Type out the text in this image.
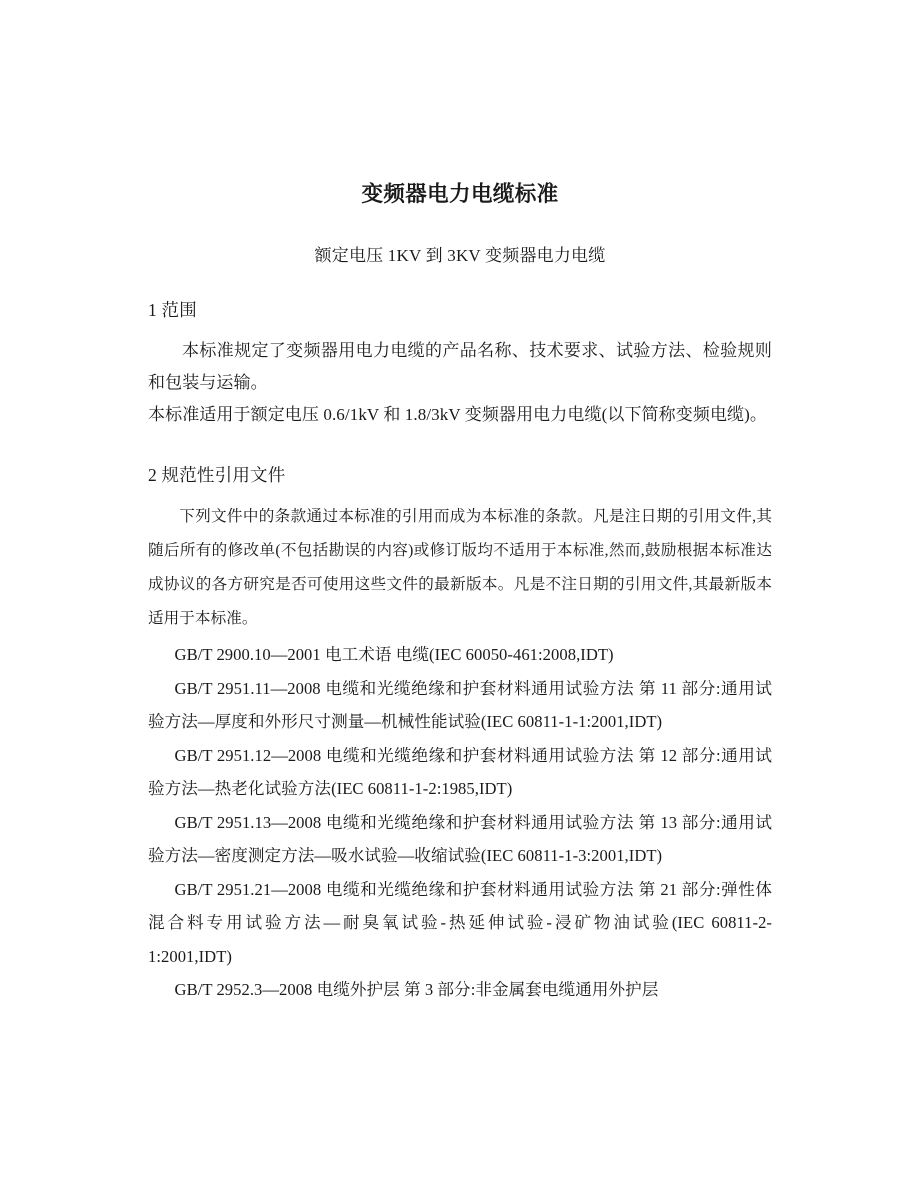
变频器电力电缆标准

额定电压 1KV 到 3KV 变频器电力电缆

1 范围

本标准规定了变频器用电力电缆的产品名称、技术要求、试验方法、检验规则和包装与运输。

本标准适用于额定电压 0.6/1kV 和 1.8/3kV 变频器用电力电缆(以下简称变频电缆)。

2 规范性引用文件

下列文件中的条款通过本标准的引用而成为本标准的条款。凡是注日期的引用文件,其随后所有的修改单(不包括勘误的内容)或修订版均不适用于本标准,然而,鼓励根据本标准达成协议的各方研究是否可使用这些文件的最新版本。凡是不注日期的引用文件,其最新版本适用于本标准。

GB/T 2900.10—2001 电工术语 电缆(IEC 60050-461:2008,IDT)
GB/T 2951.11—2008 电缆和光缆绝缘和护套材料通用试验方法 第 11 部分:通用试验方法—厚度和外形尺寸测量—机械性能试验(IEC 60811-1-1:2001,IDT)
GB/T 2951.12—2008 电缆和光缆绝缘和护套材料通用试验方法 第 12 部分:通用试验方法—热老化试验方法(IEC 60811-1-2:1985,IDT)
GB/T 2951.13—2008 电缆和光缆绝缘和护套材料通用试验方法 第 13 部分:通用试验方法—密度测定方法—吸水试验—收缩试验(IEC 60811-1-3:2001,IDT)
GB/T 2951.21—2008 电缆和光缆绝缘和护套材料通用试验方法 第 21 部分:弹性体混合料专用试验方法—耐臭氧试验-热延伸试验-浸矿物油试验(IEC 60811-2-1:2001,IDT)
GB/T 2952.3—2008 电缆外护层 第 3 部分:非金属套电缆通用外护层
